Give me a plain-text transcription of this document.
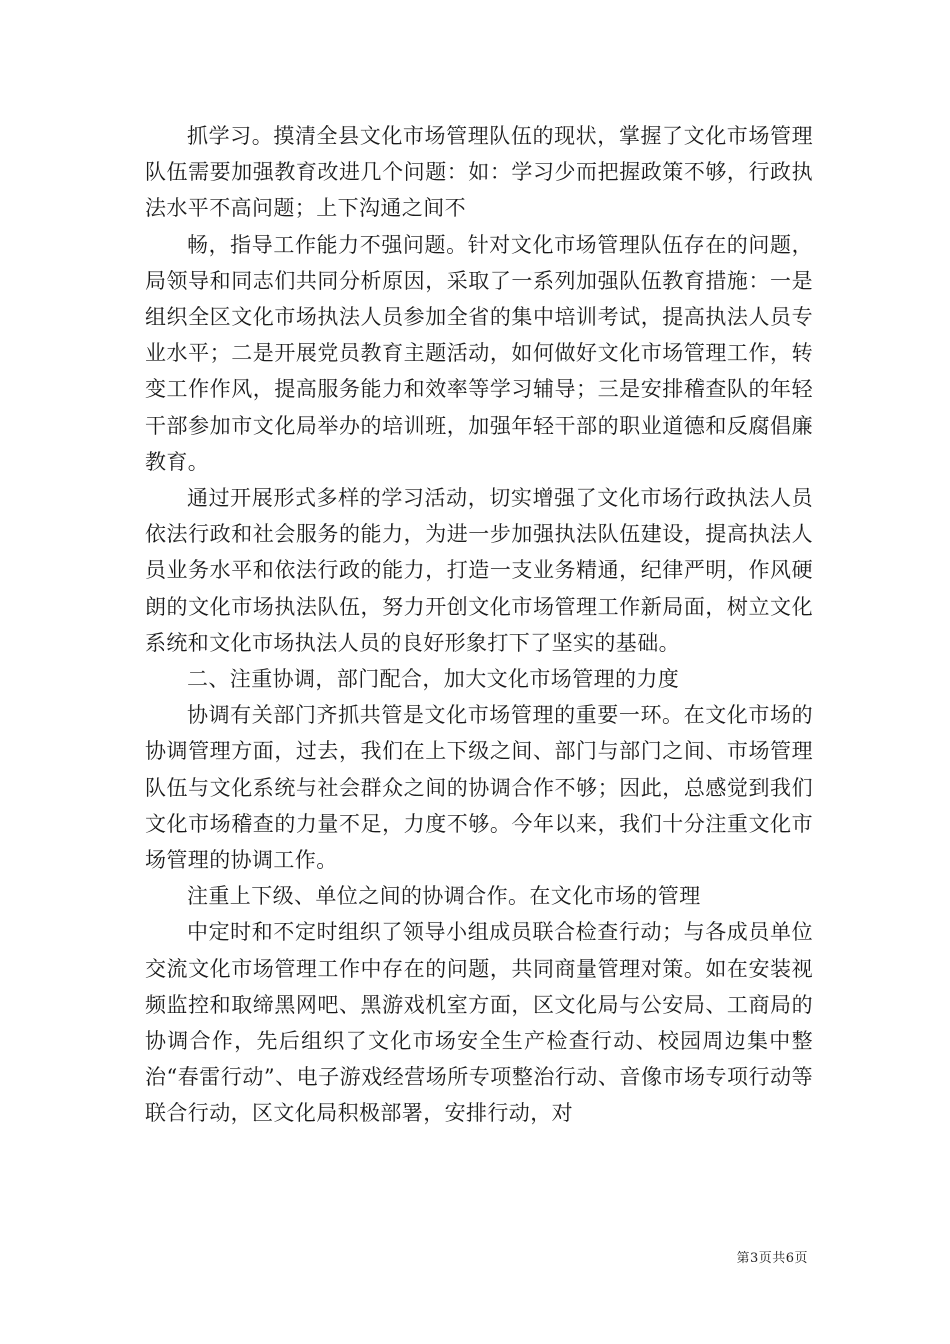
抓学习。摸清全县文化市场管理队伍的现状，掌握了文化市场管理队伍需要加强教育改进几个问题：如：学习少而把握政策不够，行政执法水平不高问题；上下沟通之间不

畅，指导工作能力不强问题。针对文化市场管理队伍存在的问题，局领导和同志们共同分析原因，采取了一系列加强队伍教育措施：一是组织全区文化市场执法人员参加全省的集中培训考试，提高执法人员专业水平；二是开展党员教育主题活动，如何做好文化市场管理工作，转变工作作风，提高服务能力和效率等学习辅导；三是安排稽查队的年轻干部参加市文化局举办的培训班，加强年轻干部的职业道德和反腐倡廉教育。

通过开展形式多样的学习活动，切实增强了文化市场行政执法人员依法行政和社会服务的能力，为进一步加强执法队伍建设，提高执法人员业务水平和依法行政的能力，打造一支业务精通，纪律严明，作风硬朗的文化市场执法队伍，努力开创文化市场管理工作新局面，树立文化系统和文化市场执法人员的良好形象打下了坚实的基础。

二、注重协调，部门配合，加大文化市场管理的力度

协调有关部门齐抓共管是文化市场管理的重要一环。在文化市场的协调管理方面，过去，我们在上下级之间、部门与部门之间、市场管理队伍与文化系统与社会群众之间的协调合作不够；因此，总感觉到我们文化市场稽查的力量不足，力度不够。今年以来，我们十分注重文化市场管理的协调工作。

注重上下级、单位之间的协调合作。在文化市场的管理

中定时和不定时组织了领导小组成员联合检查行动；与各成员单位交流文化市场管理工作中存在的问题，共同商量管理对策。如在安装视频监控和取缔黑网吧、黑游戏机室方面，区文化局与公安局、工商局的协调合作，先后组织了文化市场安全生产检查行动、校园周边集中整治“春雷行动”、电子游戏经营场所专项整治行动、音像市场专项行动等联合行动，区文化局积极部署，安排行动，对

第3页共6页
